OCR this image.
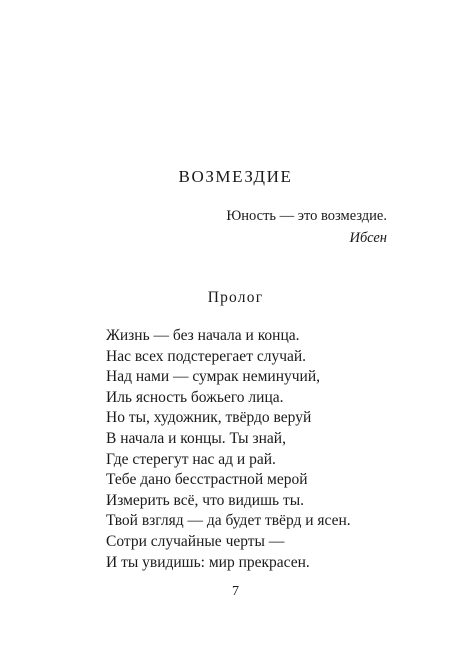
ВОЗМЕЗДИЕ
Юность — это возмездие.
Ибсен
Пролог
Жизнь — без начала и конца.
Нас всех подстерегает случай.
Над нами — сумрак неминучий,
Иль ясность божьего лица.
Но ты, художник, твёрдо веруй
В начала и концы. Ты знай,
Где стерегут нас ад и рай.
Тебе дано бесстрастной мерой
Измерить всё, что видишь ты.
Твой взгляд — да будет твёрд и ясен.
Сотри случайные черты —
И ты увидишь: мир прекрасен.
7
